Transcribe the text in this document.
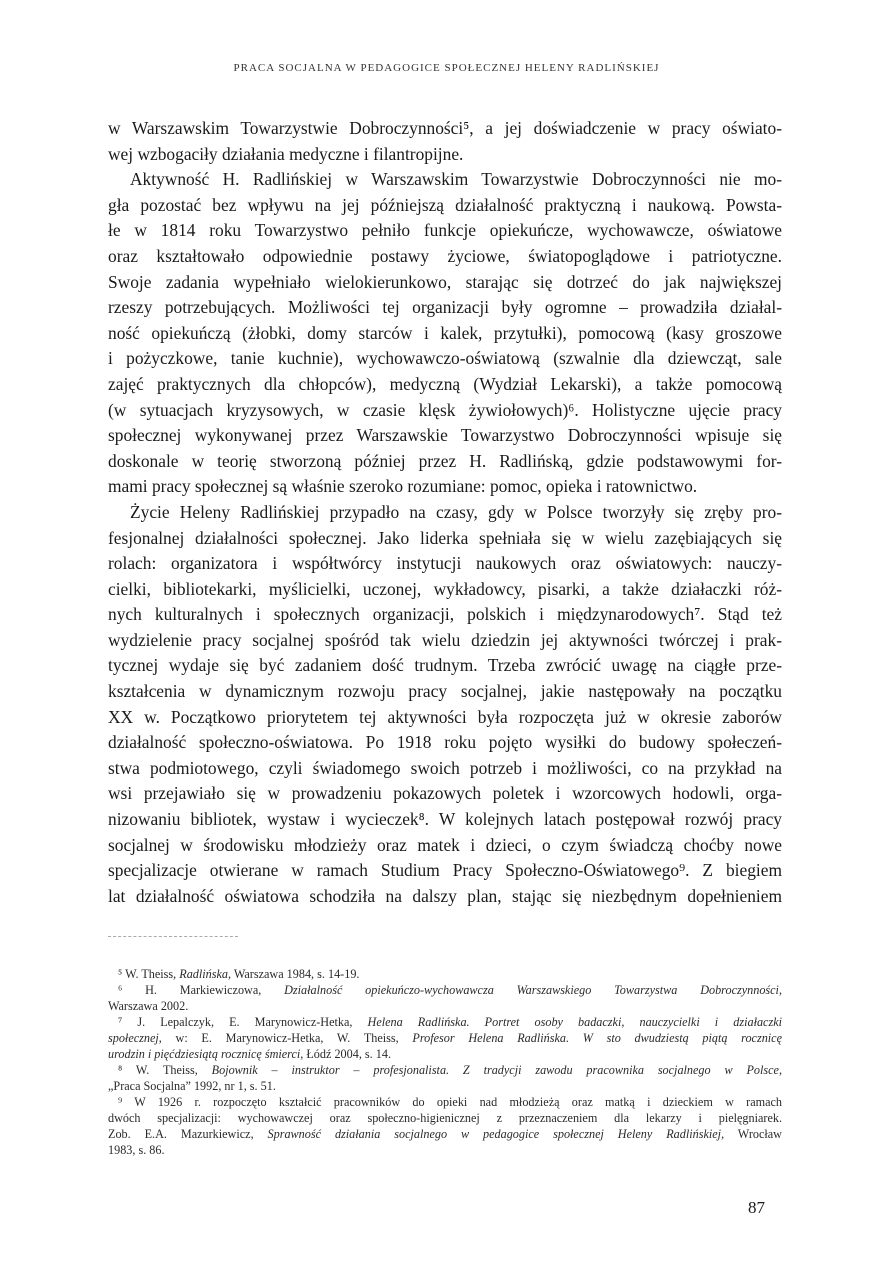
PRACA SOCJALNA W PEDAGOGICE SPOŁECZNEJ HELENY RADLIŃSKIEJ
w Warszawskim Towarzystwie Dobroczynności⁵, a jej doświadczenie w pracy oświato-
wej wzbogaciły działania medyczne i filantropijne.
Aktywność H. Radlińskiej w Warszawskim Towarzystwie Dobroczynności nie mo-
gła pozostać bez wpływu na jej późniejszą działalność praktyczną i naukową. Powsta-
łe w 1814 roku Towarzystwo pełniło funkcje opiekuńcze, wychowawcze, oświatowe
oraz kształtowało odpowiednie postawy życiowe, światopoglądowe i patriotyczne.
Swoje zadania wypełniało wielokierunkowo, starając się dotrzeć do jak największej
rzeszy potrzebujących. Możliwości tej organizacji były ogromne – prowadziła działal-
ność opiekuńczą (żłobki, domy starców i kalek, przytułki), pomocową (kasy groszowe
i pożyczkowe, tanie kuchnie), wychowawczo-oświatową (szwalnie dla dziewcząt, sale
zajęć praktycznych dla chłopców), medyczną (Wydział Lekarski), a także pomocową
(w sytuacjach kryzysowych, w czasie klęsk żywiołowych)⁶. Holistyczne ujęcie pracy
społecznej wykonywanej przez Warszawskie Towarzystwo Dobroczynności wpisuje się
doskonale w teorię stworzoną później przez H. Radlińską, gdzie podstawowymi for-
mami pracy społecznej są właśnie szeroko rozumiane: pomoc, opieka i ratownictwo.
Życie Heleny Radlińskiej przypadło na czasy, gdy w Polsce tworzyły się zręby pro-
fesjonalnej działalności społecznej. Jako liderka spełniała się w wielu zazębiających się
rolach: organizatora i współtwórcy instytucji naukowych oraz oświatowych: nauczy-
cielki, bibliotekarki, myślicielki, uczonej, wykładowcy, pisarki, a także działaczki róż-
nych kulturalnych i społecznych organizacji, polskich i międzynarodowych⁷. Stąd też
wydzielenie pracy socjalnej spośród tak wielu dziedzin jej aktywności twórczej i prak-
tycznej wydaje się być zadaniem dość trudnym. Trzeba zwrócić uwagę na ciągłe prze-
kształcenia w dynamicznym rozwoju pracy socjalnej, jakie następowały na początku
XX w. Początkowo priorytetem tej aktywności była rozpoczęta już w okresie zaborów
działalność społeczno-oświatowa. Po 1918 roku pojęto wysiłki do budowy społeczeń-
stwa podmiotowego, czyli świadomego swoich potrzeb i możliwości, co na przykład na
wsi przejawiało się w prowadzeniu pokazowych poletek i wzorcowych hodowli, orga-
nizowaniu bibliotek, wystaw i wycieczek⁸. W kolejnych latach postępował rozwój pracy
socjalnej w środowisku młodzieży oraz matek i dzieci, o czym świadczą choćby nowe
specjalizacje otwierane w ramach Studium Pracy Społeczno-Oświatowego⁹. Z biegiem
lat działalność oświatowa schodziła na dalszy plan, stając się niezbędnym dopełnieniem
⁵ W. Theiss, Radlińska, Warszawa 1984, s. 14-19.
⁶ H. Markiewiczowa, Działalność opiekuńczo-wychowawcza Warszawskiego Towarzystwa Dobroczynności,
Warszawa 2002.
⁷ J. Lepalczyk, E. Marynowicz-Hetka, Helena Radlińska. Portret osoby badaczki, nauczycielki i działaczki
społecznej, w: E. Marynowicz-Hetka, W. Theiss, Profesor Helena Radlińska. W sto dwudziestą piątą rocznicę
urodzin i pięćdziesiątą rocznicę śmierci, Łódź 2004, s. 14.
⁸ W. Theiss, Bojownik – instruktor – profesjonalista. Z tradycji zawodu pracownika socjalnego w Polsce,
„Praca Socjalna” 1992, nr 1, s. 51.
⁹ W 1926 r. rozpoczęto kształcić pracowników do opieki nad młodzieżą oraz matką i dzieckiem w ramach
dwóch specjalizacji: wychowawczej oraz społeczno-higienicznej z przeznaczeniem dla lekarzy i pielęgniarek.
Zob. E.A. Mazurkiewicz, Sprawność działania socjalnego w pedagogice społecznej Heleny Radlińskiej, Wrocław
1983, s. 86.
87
